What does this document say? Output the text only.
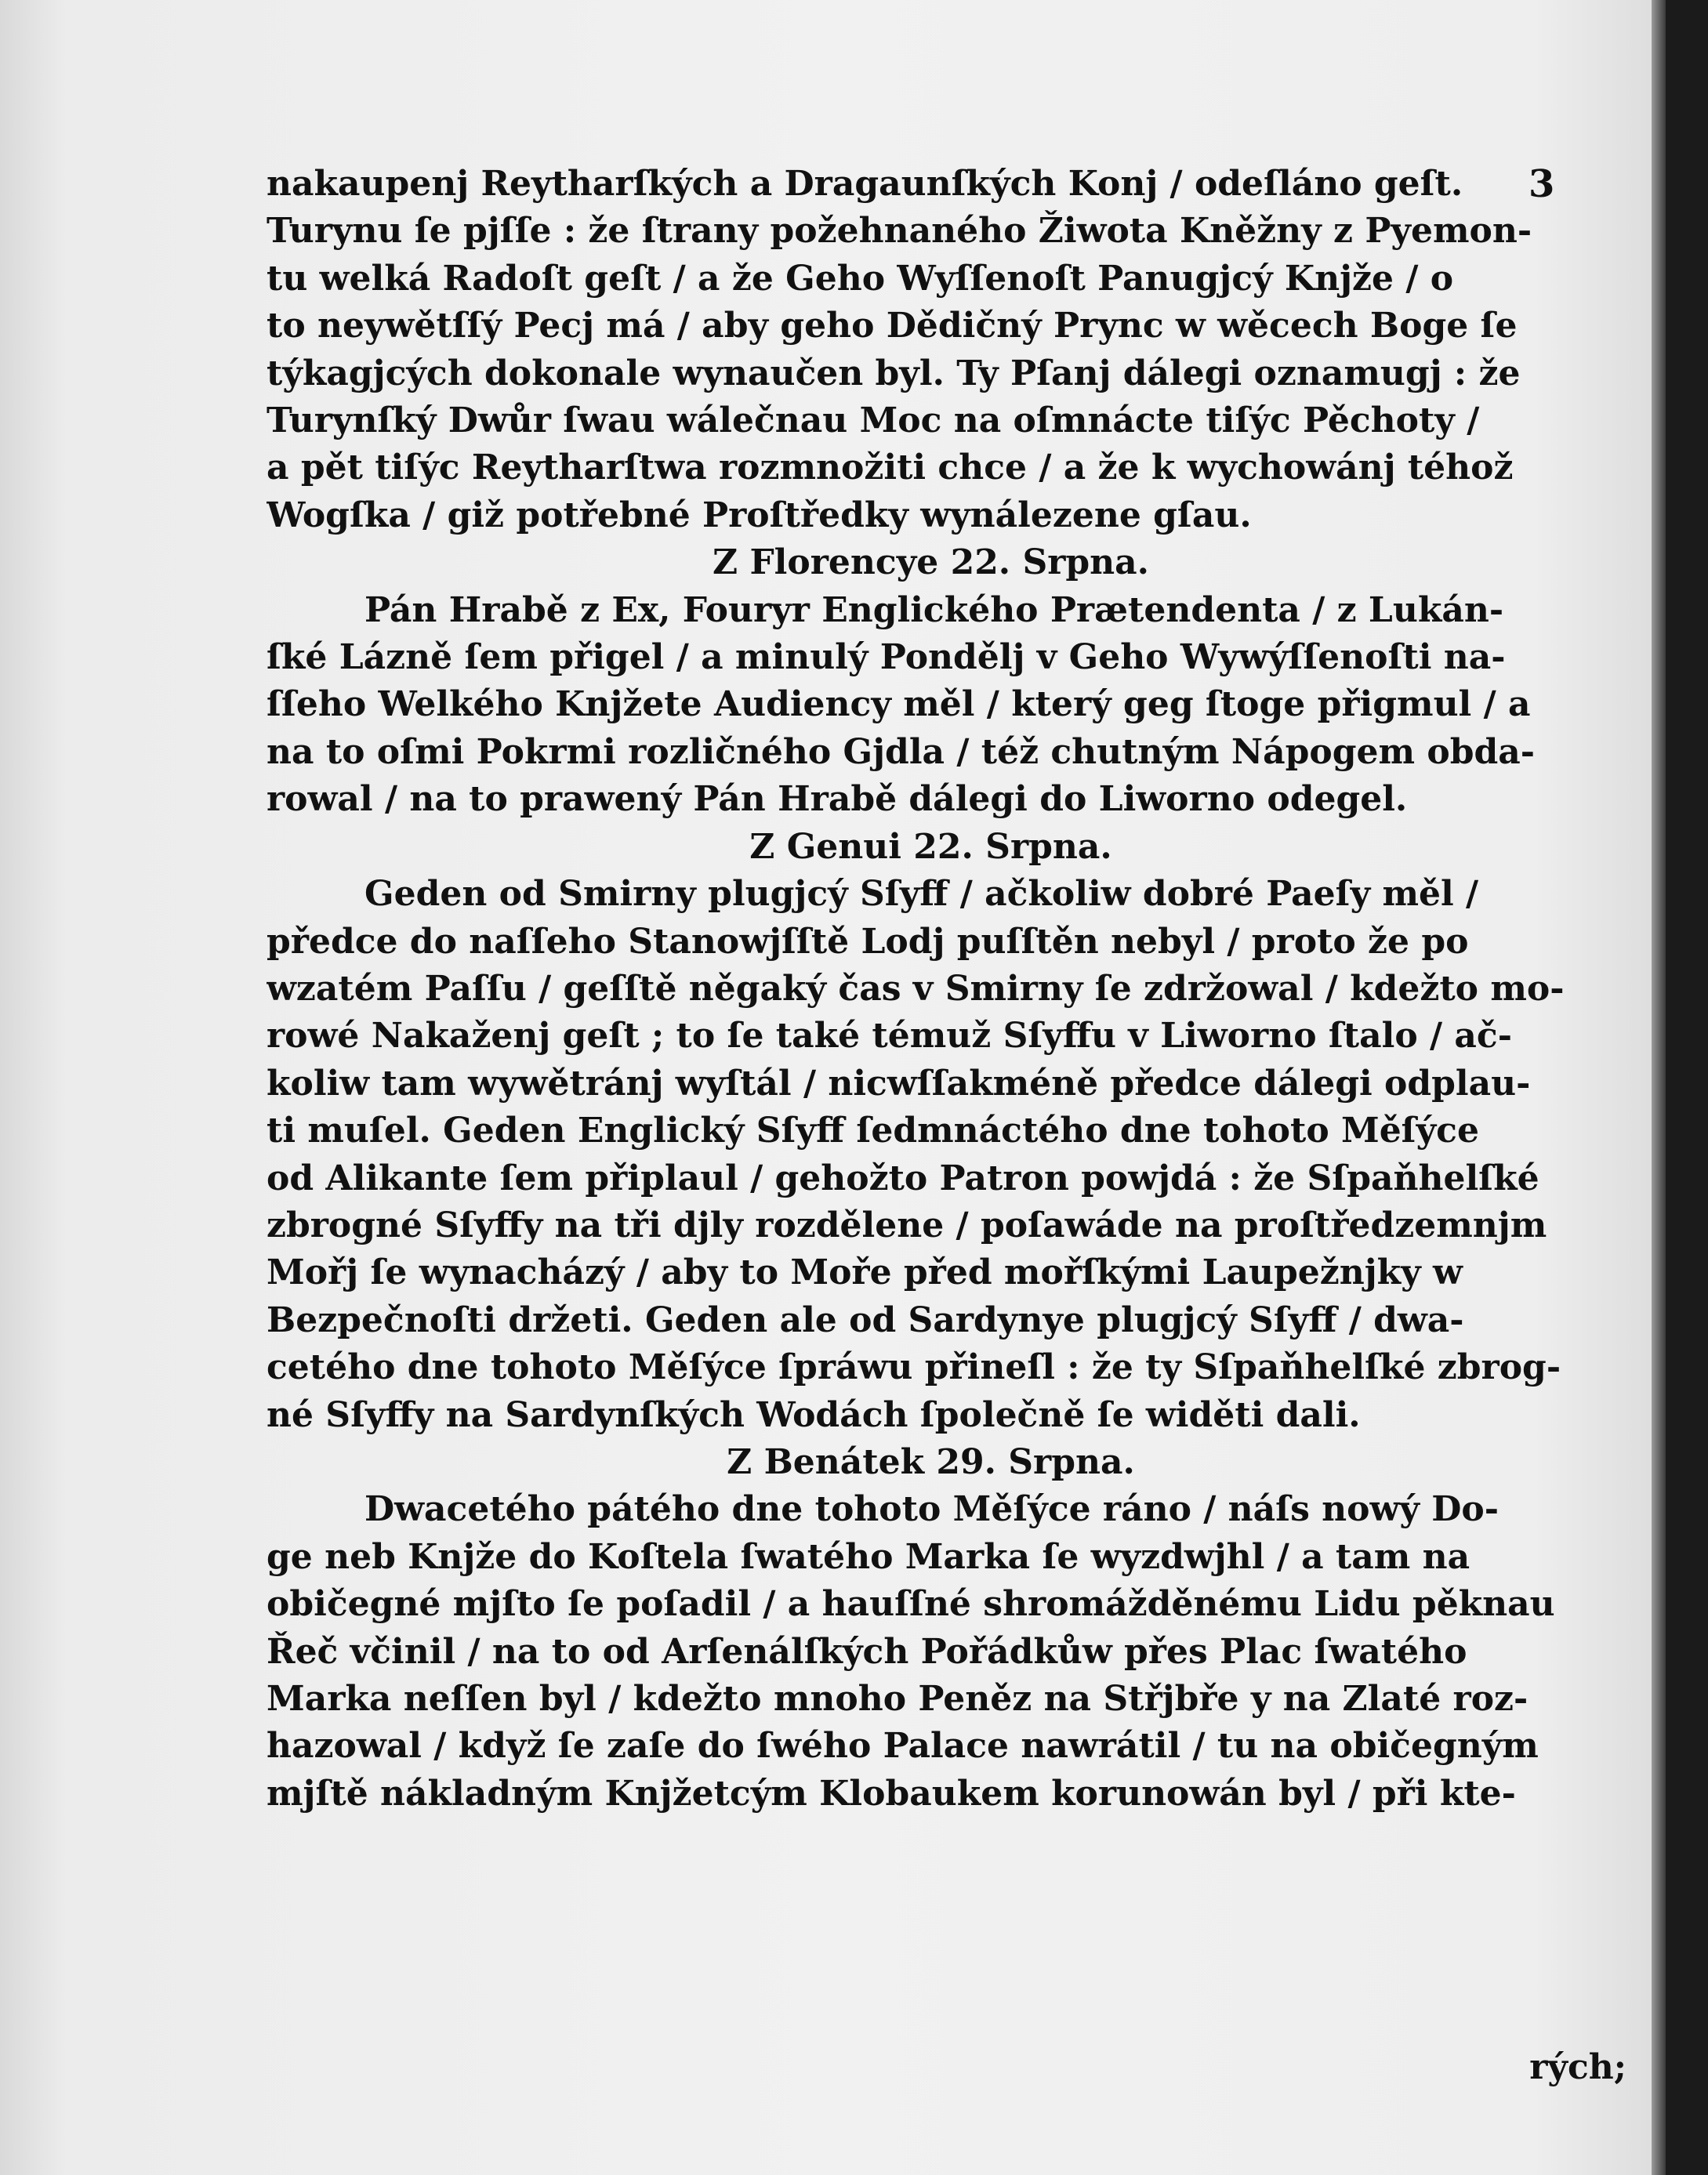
3
nakaupenj Reytharſkých a Dragaunſkých Konj / odeſláno geſt.
Turynu ſe pjſſe : že ſtrany požehnaného Žiwota Kněžny z Pyemon-
tu welká Radoſt geſt / a že Geho Wyſſenoſt Panugjcý Knjže / o
to neywětſſý Pecj má / aby geho Dědičný Prync w wěcech Boge ſe
týkagjcých dokonale wynaučen byl. Ty Pſanj dálegi oznamugj : že
Turynſký Dwůr ſwau wálečnau Moc na oſmnácte tiſýc Pěchoty /
a pět tiſýc Reytharſtwa rozmnožiti chce / a že k wychowánj téhož
Wogſka / giž potřebné Proſtředky wynálezene gſau.
Z Florencye 22. Srpna.
Pán Hrabě z Ex, Fouryr Englického Prætendenta / z Lukán-
ſké Lázně ſem přigel / a minulý Pondělj v Geho Wywýſſenoſti na-
ſſeho Welkého Knjžete Audiency měl / který geg ſtoge přigmul / a
na to oſmi Pokrmi rozličného Gjdla / též chutným Nápogem obda-
rowal / na to prawený Pán Hrabě dálegi do Liworno odegel.
Z Genui 22. Srpna.
Geden od Smirny plugjcý Sſyff / ačkoliw dobré Paeſy měl /
předce do naſſeho Stanowjſſtě Lodj puſſtěn nebyl / proto že po
wzatém Paſſu / geſſtě něgaký čas v Smirny ſe zdržowal / kdežto mo-
rowé Nakaženj geſt ; to ſe také témuž Sſyffu v Liworno ſtalo / ač-
koliw tam wywětránj wyſtál / nicwſſakméně předce dálegi odplau-
ti muſel. Geden Englický Sſyff ſedmnáctého dne tohoto Měſýce
od Alikante ſem připlaul / gehožto Patron powjdá : že Sſpaňhelſké
zbrogné Sſyffy na tři djly rozdělene / poſawáde na proſtředzemnjm
Mořj ſe wynacházý / aby to Moře před mořſkými Laupežnjky w
Bezpečnoſti držeti. Geden ale od Sardynye plugjcý Sſyff / dwa-
cetého dne tohoto Měſýce ſpráwu přineſl : že ty Sſpaňhelſké zbrog-
né Sſyffy na Sardynſkých Wodách ſpolečně ſe widěti dali.
Z Benátek 29. Srpna.
Dwacetého pátého dne tohoto Měſýce ráno / náſs nowý Do-
ge neb Knjže do Koſtela ſwatého Marka ſe wyzdwjhl / a tam na
običegné mjſto ſe poſadil / a hauſſné shromážděnému Lidu pěknau
Řeč včinil / na to od Arſenálſkých Pořádkůw přes Plac ſwatého
Marka neſſen byl / kdežto mnoho Peněz na Střjbře y na Zlaté roz-
hazowal / když ſe zaſe do ſwého Palace nawrátil / tu na običegným
mjſtě nákladným Knjžetcým Klobaukem korunowán byl / při kte-
rých;
